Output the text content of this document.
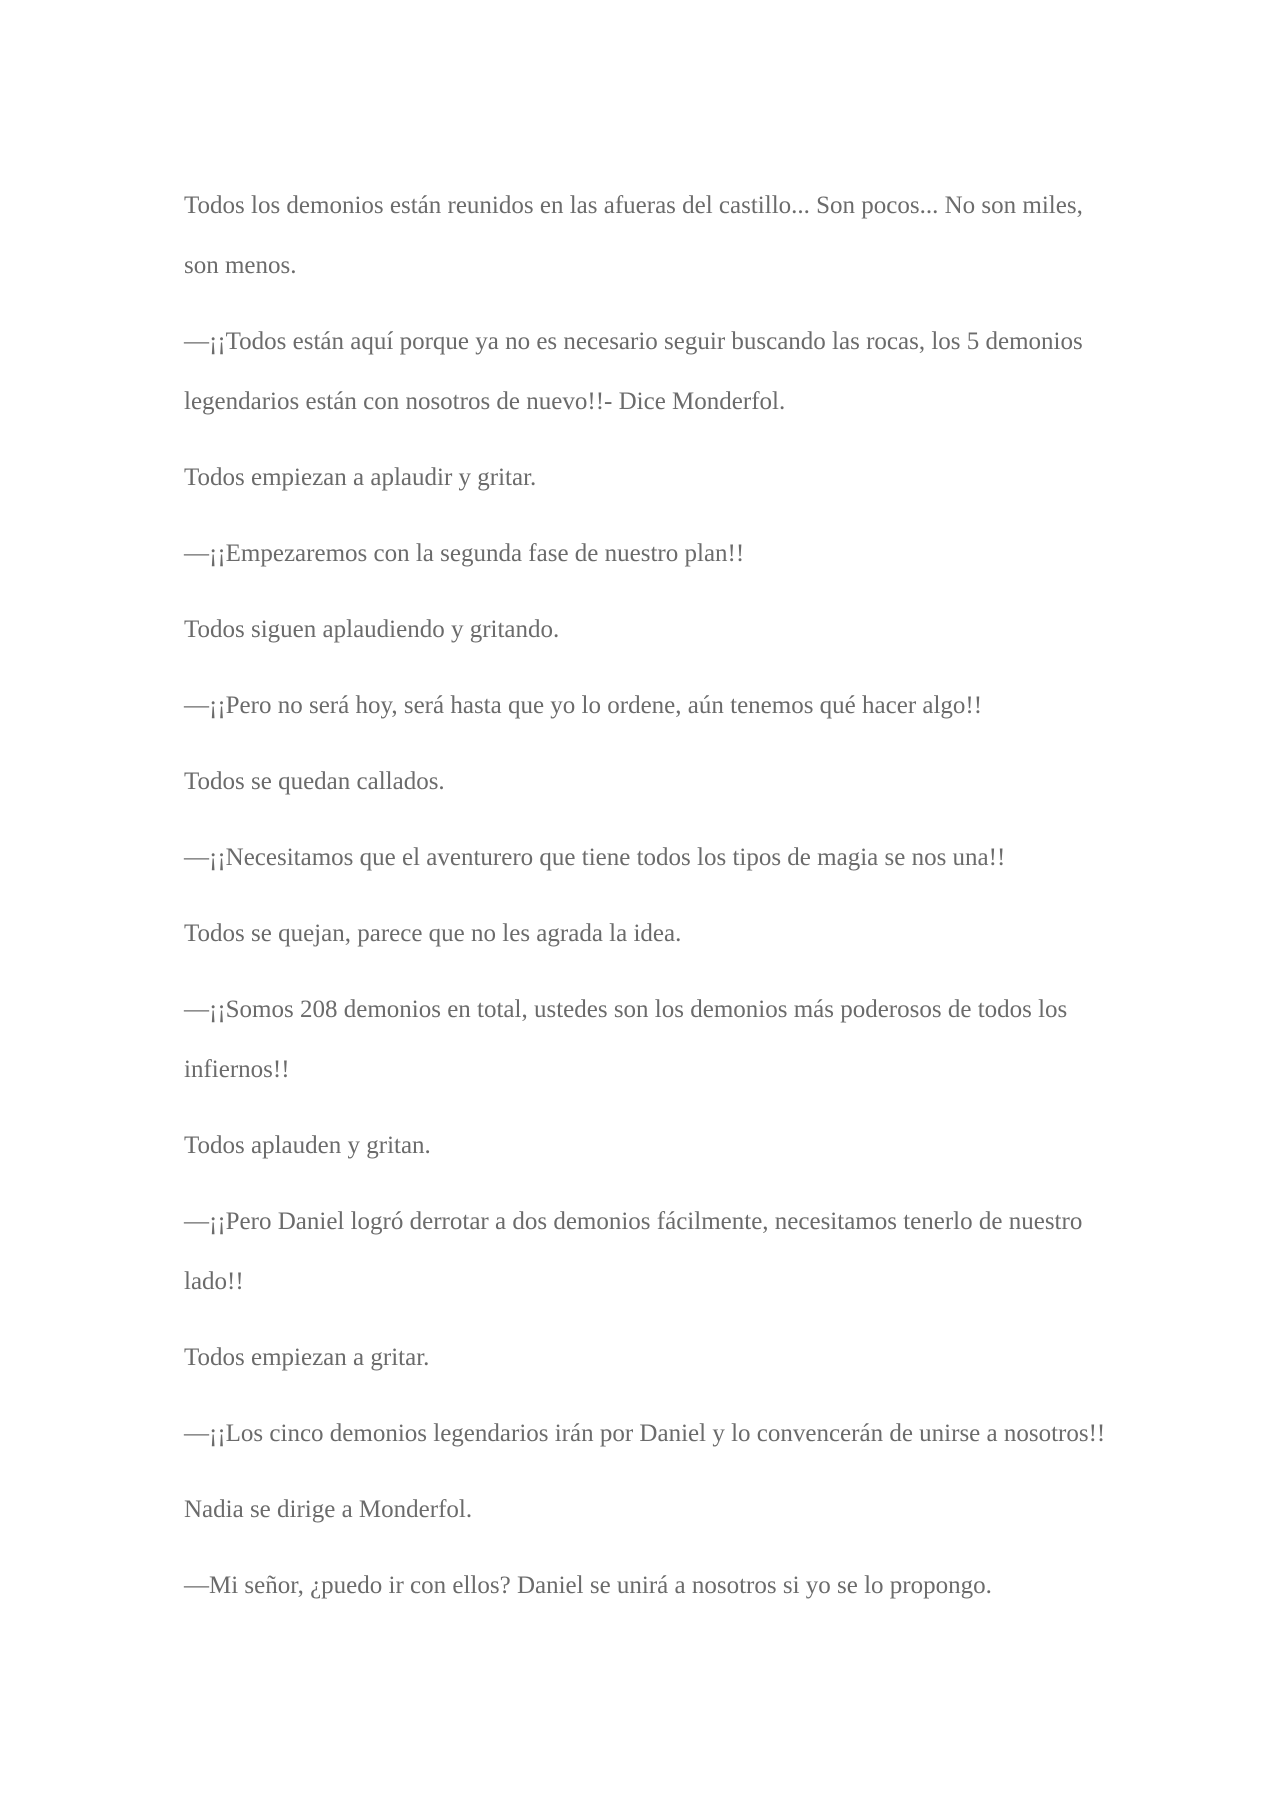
Todos los demonios están reunidos en las afueras del castillo... Son pocos... No son miles, son menos.

—¡¡Todos están aquí porque ya no es necesario seguir buscando las rocas, los 5 demonios legendarios están con nosotros de nuevo!!- Dice Monderfol.

Todos empiezan a aplaudir y gritar.

—¡¡Empezaremos con la segunda fase de nuestro plan!!

Todos siguen aplaudiendo y gritando.

—¡¡Pero no será hoy, será hasta que yo lo ordene, aún tenemos qué hacer algo!!

Todos se quedan callados.

—¡¡Necesitamos que el aventurero que tiene todos los tipos de magia se nos una!!

Todos se quejan, parece que no les agrada la idea.

—¡¡Somos 208 demonios en total, ustedes son los demonios más poderosos de todos los infiernos!!

Todos aplauden y gritan.

—¡¡Pero Daniel logró derrotar a dos demonios fácilmente, necesitamos tenerlo de nuestro lado!!

Todos empiezan a gritar.

—¡¡Los cinco demonios legendarios irán por Daniel y lo convencerán de unirse a nosotros!!

Nadia se dirige a Monderfol.

—Mi señor, ¿puedo ir con ellos? Daniel se unirá a nosotros si yo se lo propongo.
